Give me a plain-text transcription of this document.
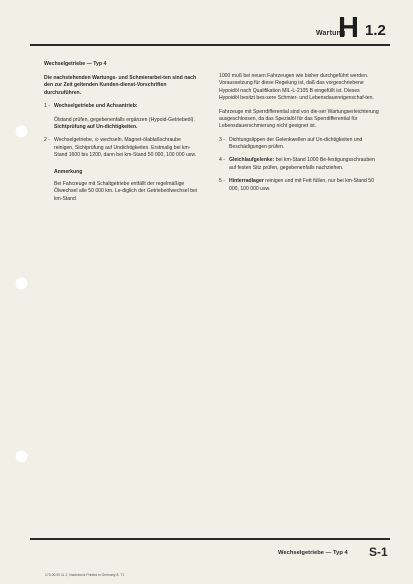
Wartung
H 1.2
Wechselgetriebe — Typ 4

Die nachstehenden Wartungs- und Schmierarbei-ten sind nach den zur Zeit geltenden Kunden-dienst-Vorschriften durchzuführen.

1 - Wechselgetriebe und Achsantrieb:

Ölstand prüfen, gegebenenfalls ergänzen (Hypoid-Getriebeöl). Sichtprüfung auf Un-dichtigkeiten.

2 - Wechselgetriebe, ⊙ wechseln, Magnet-ölablaßschraube reinigen, Sichtprüfung auf Undichtigkeiten. Erstmalig bei km-Stand 1600 bis 1200, dann bei km-Stand 50 000, 100 000 usw.
Anmerkung

Bei Fahrzeuge mit Schaltgetriebe entfällt der regelmäßige Ölwechsel alle 50 000 km. Le-diglich der Getriebeölwechsel bei km-Stand

1000 muß bei neuen Fahrzeugen wie bisher durchgeführt werden. Voraussetzung für diese Regelung ist, daß das vorgeschriebene Hypoidöl nach Qualifikation MIL-L-2105 B eingefüllt ist. Dieses Hypoidöl besitzt bes-sere Schmier- und Lebensdauereigenschaf-ten.

Fahrzeuge mit Sperrdifferential sind von die-ser Wartungserleichterung ausgeschlossen, da das Spezialöl für das Sperrdifferential für Lebensdauerschmierung nicht geeignet ist.

3 - Dichtungslippen der Gelenkwellen auf Un-dichtigkeiten und Beschädigungen prüfen.
4 - Gleichlaufgelenke: bei km-Stand 1000 Be-festigungsschrauben auf festen Sitz prüfen, gegebenenfalls nachziehen.
5 - Hinterradlager reinigen und mit Fett füllen, nur bei km-Stand 50 000, 100 000 usw.
Wechselgetriebe — Typ 4 S-1
173.00.00 11 2, Nachdruck Printed in Germany 8. 71
